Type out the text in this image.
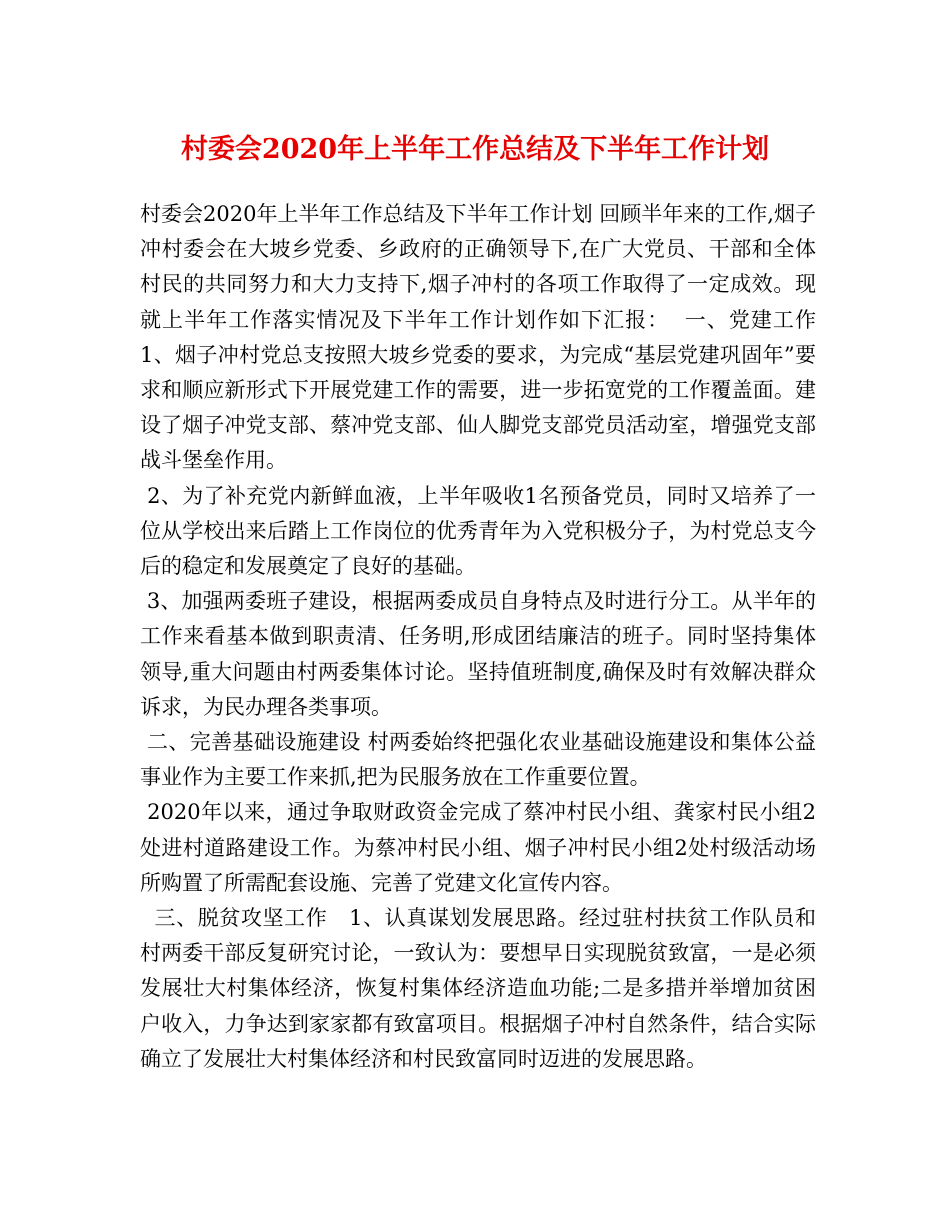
村委会2020年上半年工作总结及下半年工作计划

村委会2020年上半年工作总结及下半年工作计划 回顾半年来的工作,烟子冲村委会在大坡乡党委、乡政府的正确领导下,在广大党员、干部和全体村民的共同努力和大力支持下,烟子冲村的各项工作取得了一定成效。现就上半年工作落实情况及下半年工作计划作如下汇报：  一、党建工作  1、烟子冲村党总支按照大坡乡党委的要求，为完成“基层党建巩固年”要求和顺应新形式下开展党建工作的需要，进一步拓宽党的工作覆盖面。建设了烟子冲党支部、蔡冲党支部、仙人脚党支部党员活动室，增强党支部战斗堡垒作用。

2、为了补充党内新鲜血液，上半年吸收1名预备党员，同时又培养了一位从学校出来后踏上工作岗位的优秀青年为入党积极分子，为村党总支今后的稳定和发展奠定了良好的基础。

3、加强两委班子建设，根据两委成员自身特点及时进行分工。从半年的工作来看基本做到职责清、任务明,形成团结廉洁的班子。同时坚持集体领导,重大问题由村两委集体讨论。坚持值班制度,确保及时有效解决群众诉求，为民办理各类事项。

二、完善基础设施建设 村两委始终把强化农业基础设施建设和集体公益事业作为主要工作来抓,把为民服务放在工作重要位置。

2020年以来，通过争取财政资金完成了蔡冲村民小组、龚家村民小组2处进村道路建设工作。为蔡冲村民小组、烟子冲村民小组2处村级活动场所购置了所需配套设施、完善了党建文化宣传内容。

三、脱贫攻坚工作   1、认真谋划发展思路。经过驻村扶贫工作队员和村两委干部反复研究讨论，一致认为：要想早日实现脱贫致富，一是必须发展壮大村集体经济，恢复村集体经济造血功能;二是多措并举增加贫困户收入，力争达到家家都有致富项目。根据烟子冲村自然条件，结合实际确立了发展壮大村集体经济和村民致富同时迈进的发展思路。
